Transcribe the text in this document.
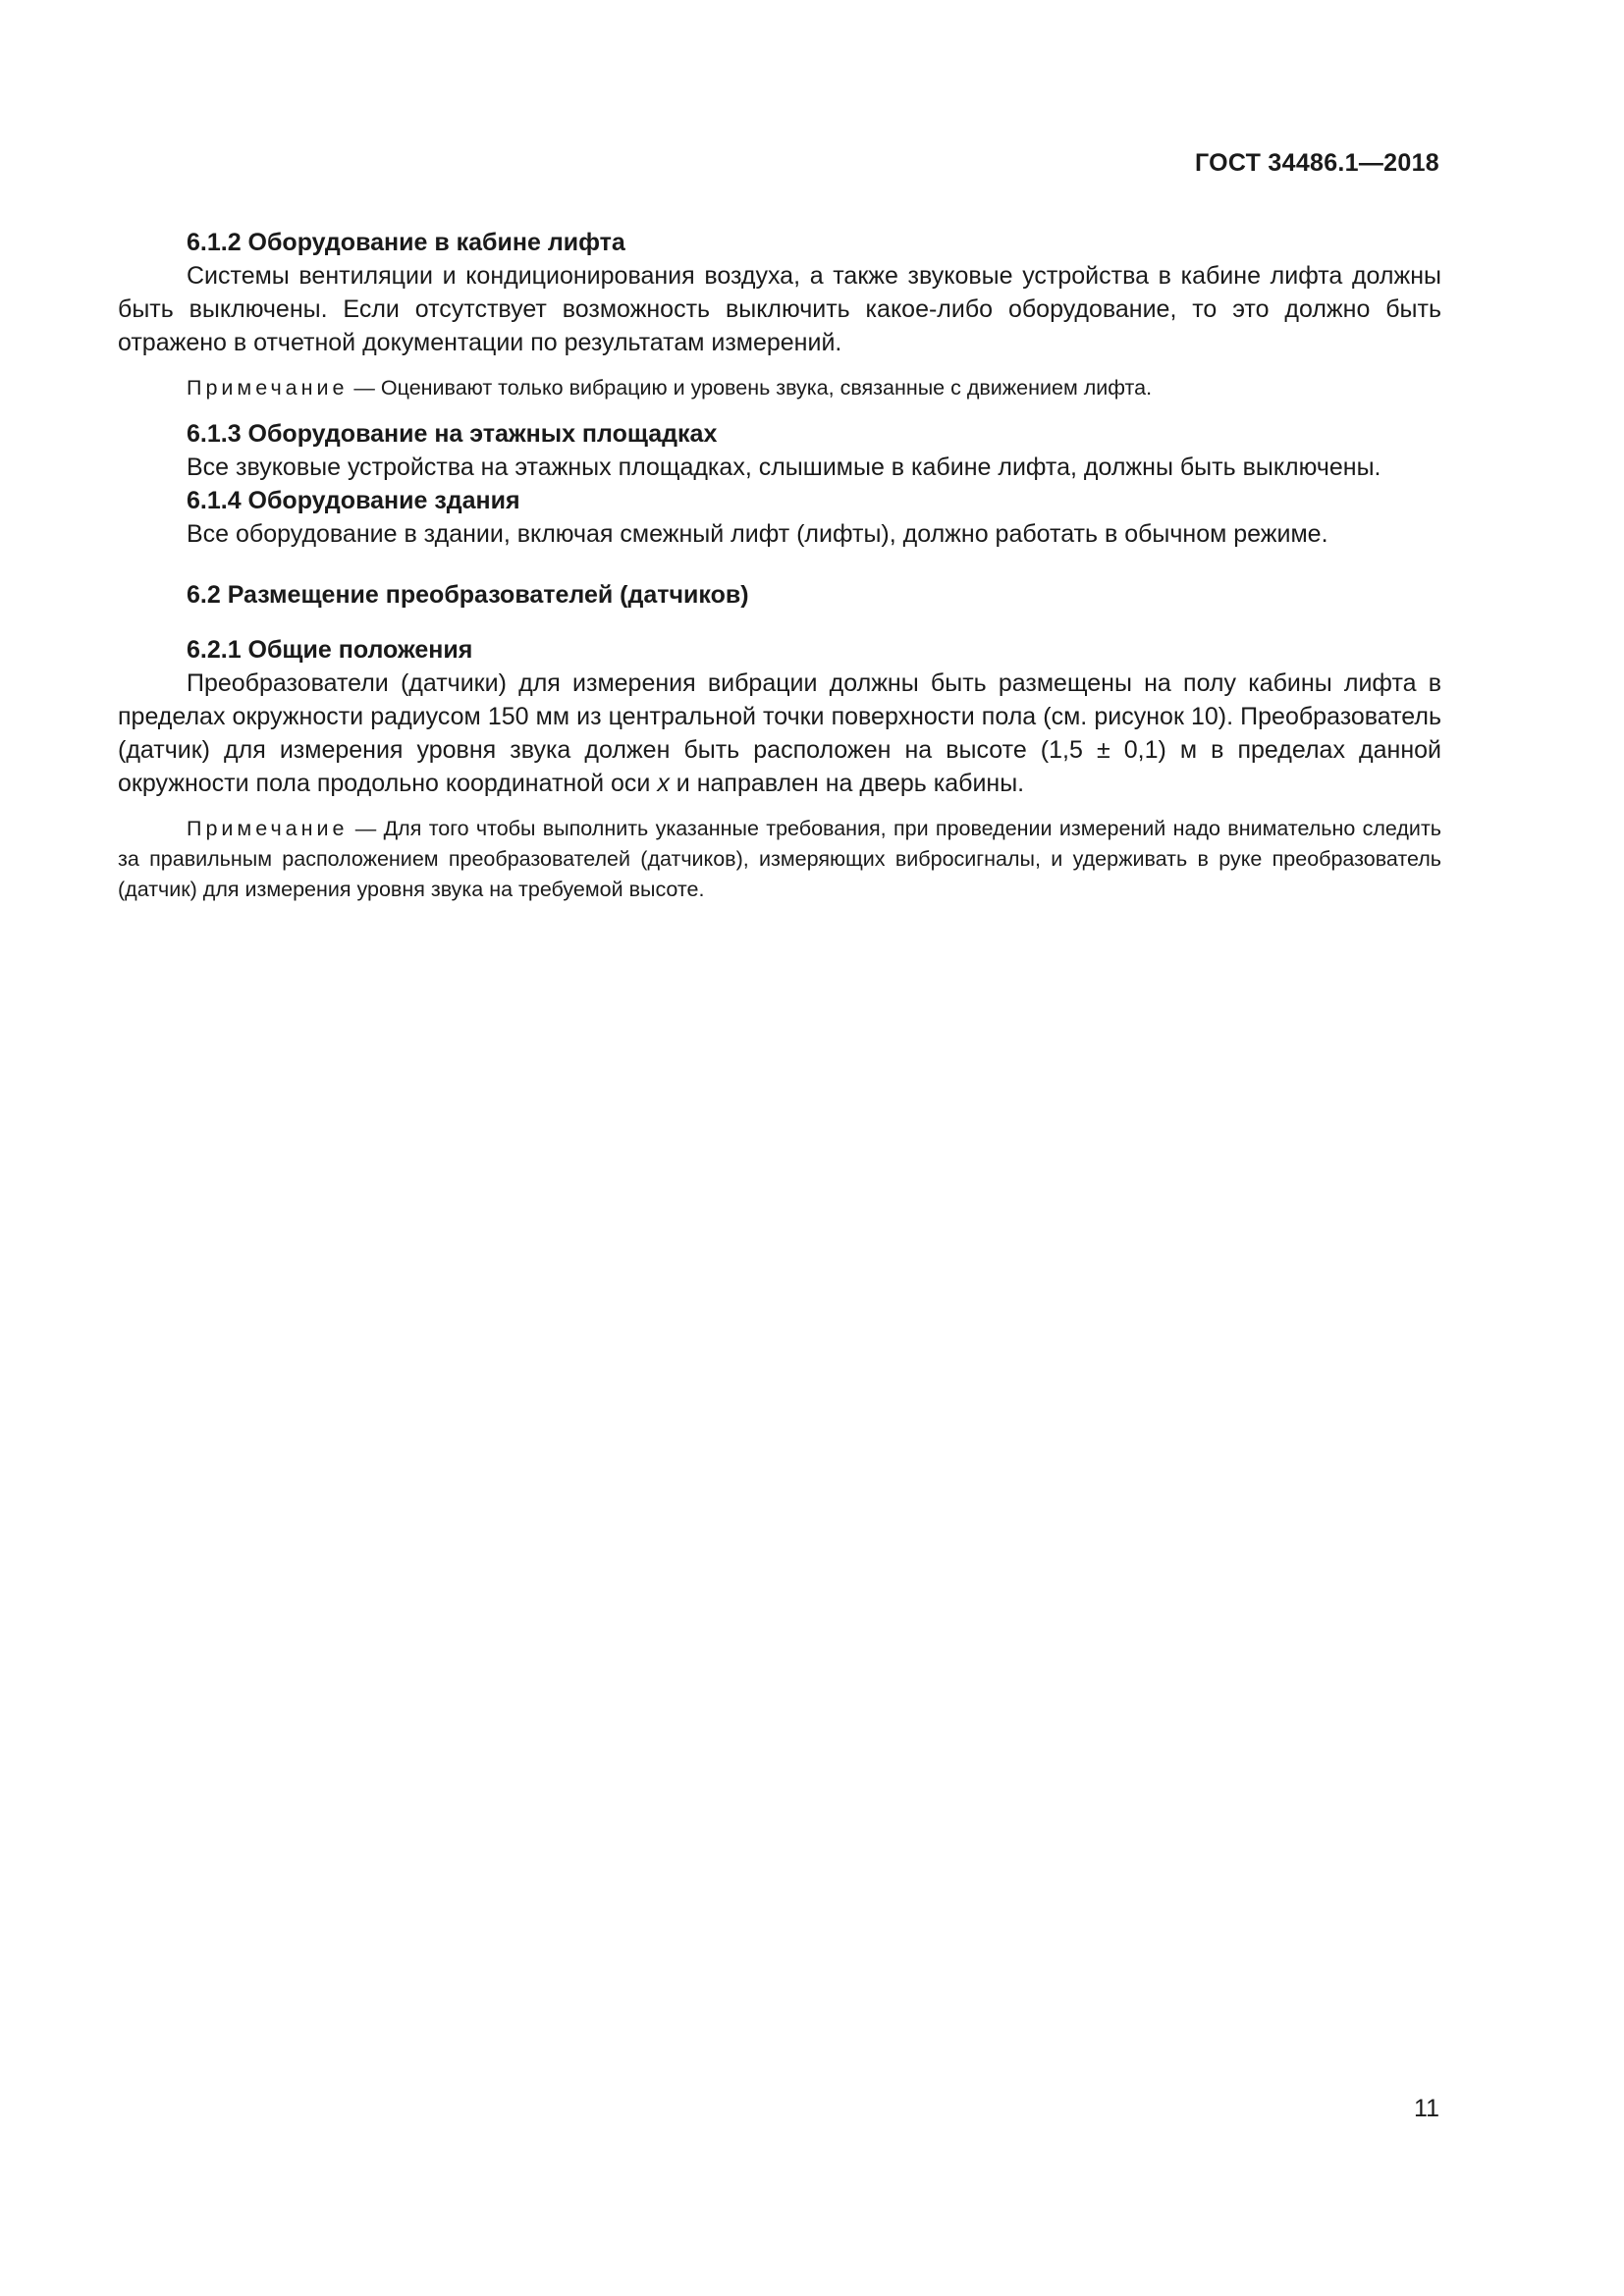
ГОСТ 34486.1—2018

6.1.2 Оборудование в кабине лифта

Системы вентиляции и кондиционирования воздуха, а также звуковые устройства в кабине лифта должны быть выключены. Если отсутствует возможность выключить какое-либо оборудование, то это должно быть отражено в отчетной документации по результатам измерений.

Примечание — Оценивают только вибрацию и уровень звука, связанные с движением лифта.

6.1.3 Оборудование на этажных площадках

Все звуковые устройства на этажных площадках, слышимые в кабине лифта, должны быть выключены.

6.1.4 Оборудование здания

Все оборудование в здании, включая смежный лифт (лифты), должно работать в обычном режиме.

6.2 Размещение преобразователей (датчиков)

6.2.1 Общие положения

Преобразователи (датчики) для измерения вибрации должны быть размещены на полу кабины лифта в пределах окружности радиусом 150 мм из центральной точки поверхности пола (см. рисунок 10). Преобразователь (датчик) для измерения уровня звука должен быть расположен на высоте (1,5 ± 0,1) м в пределах данной окружности пола продольно координатной оси x и направлен на дверь кабины.

Примечание — Для того чтобы выполнить указанные требования, при проведении измерений надо внимательно следить за правильным расположением преобразователей (датчиков), измеряющих вибросигналы, и удерживать в руке преобразователь (датчик) для измерения уровня звука на требуемой высоте.

11
